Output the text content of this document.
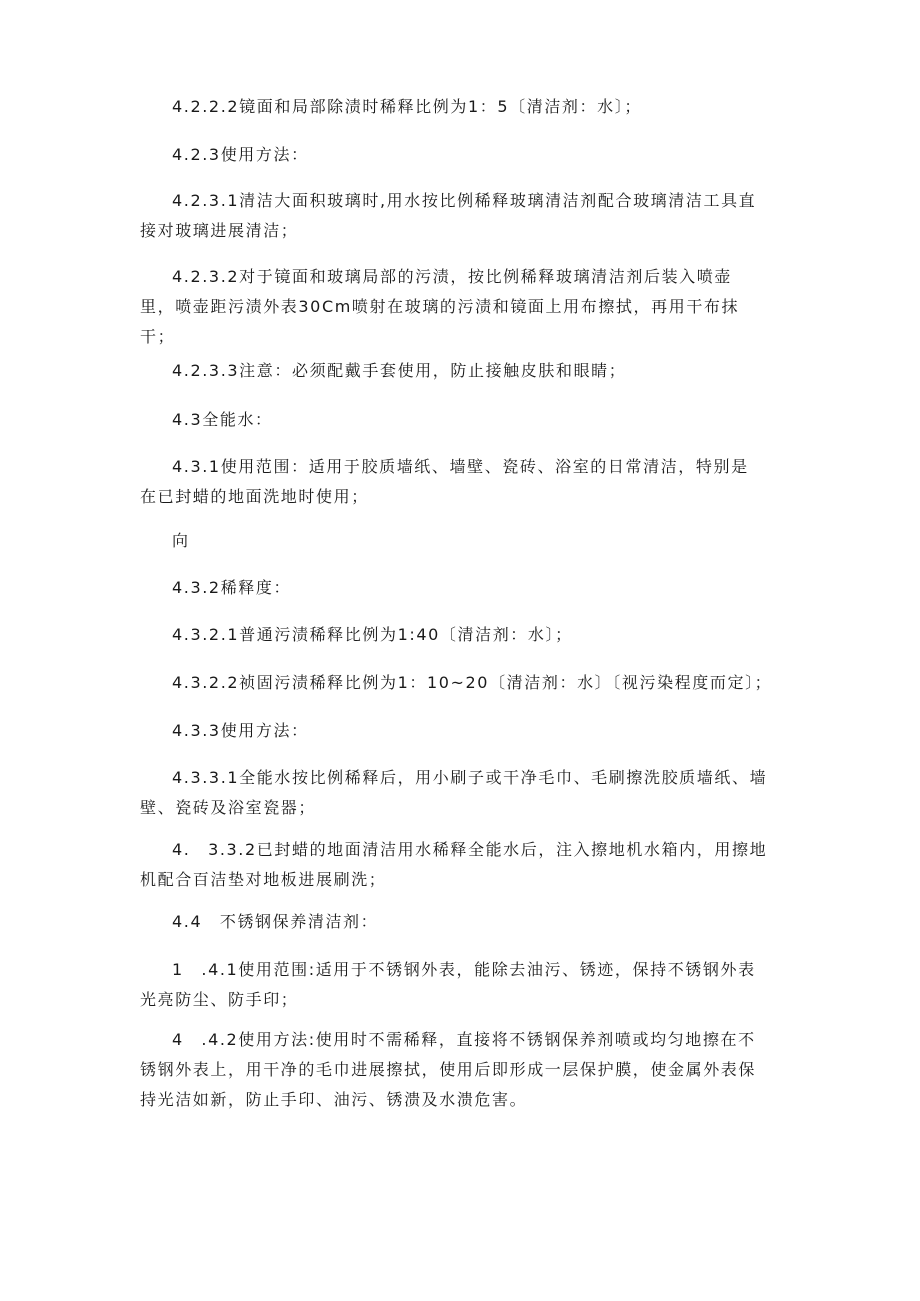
4.2.2.2镜面和局部除渍时稀释比例为1：5〔清洁剂：水〕；

4.2.3使用方法：

4.2.3.1清洁大面积玻璃时,用水按比例稀释玻璃清洁剂配合玻璃清洁工具直
接对玻璃进展清洁；

4.2.3.2对于镜面和玻璃局部的污渍，按比例稀释玻璃清洁剂后装入喷壶
里，喷壶距污渍外表30Cm喷射在玻璃的污渍和镜面上用布擦拭，再用干布抹
干；

4.2.3.3注意：必须配戴手套使用，防止接触皮肤和眼睛；

4.3全能水：

4.3.1使用范围：适用于胶质墙纸、墙壁、瓷砖、浴室的日常清洁，特别是
在已封蜡的地面洗地时使用；

向

4.3.2稀释度：

4.3.2.1普通污渍稀释比例为1:40〔清洁剂：水〕；

4.3.2.2祯固污渍稀释比例为1：10~20〔清洁剂：水〕〔视污染程度而定〕；

4.3.3使用方法：

4.3.3.1全能水按比例稀释后，用小刷子或干净毛巾、毛刷擦洗胶质墙纸、墙
壁、瓷砖及浴室瓷器；

4.　3.3.2已封蜡的地面清洁用水稀释全能水后，注入擦地机水箱内，用擦地
机配合百洁垫对地板进展刷洗；

4.4　不锈钢保养清洁剂：

1　.4.1使用范围:适用于不锈钢外表，能除去油污、锈迹，保持不锈钢外表
光亮防尘、防手印；

4　.4.2使用方法:使用时不需稀释，直接将不锈钢保养剂喷或均匀地擦在不
锈钢外表上，用干净的毛巾进展擦拭，使用后即形成一层保护膜，使金属外表保
持光洁如新，防止手印、油污、锈溃及水溃危害。
